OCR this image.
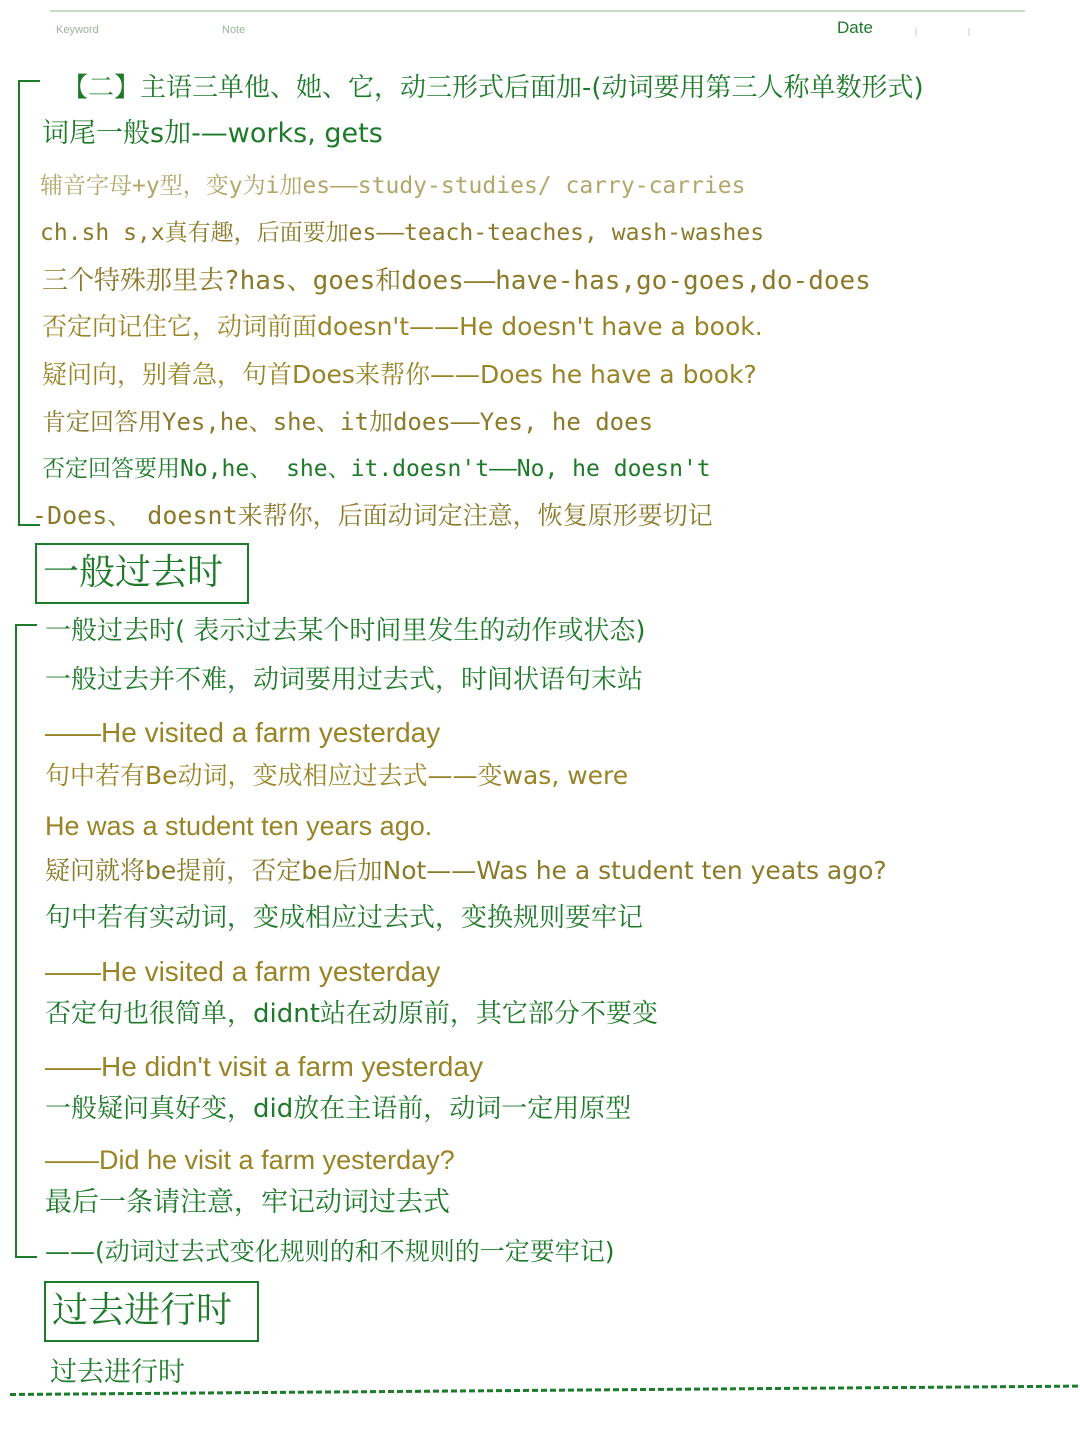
Keyword	Note	Date
【二】主语三单他、她、它，动三形式后面加-(动词要用第三人称单数形式)
词尾一般s加-—works, gets
辅音字母+y型，变y为i加es——study-studies/ carry-carries
ch.sh s,x真有趣，后面要加es——teach-teaches, wash-washes
三个特殊那里去?has、goes和does——have-has,go-goes,do-does
否定向记住它，动词前面doesn't——He doesn't have a book.
疑问向，别着急，句首Does来帮你——Does he have a book?
肯定回答用Yes,he、she、it加does——Yes, he does
否定回答要用No,he、 she、it.doesn't——No, he doesn't
-Does、 doesnt来帮你，后面动词定注意，恢复原形要切记
一般过去时
一般过去时( 表示过去某个时间里发生的动作或状态)
一般过去并不难，动词要用过去式，时间状语句末站
——He visited a farm yesterday
句中若有Be动词，变成相应过去式——变was, were
He was a student ten years ago.
疑问就将be提前，否定be后加Not——Was he a student ten yeats ago?
句中若有实动词，变成相应过去式，变换规则要牢记
——He visited a farm yesterday
否定句也很简单，didnt站在动原前，其它部分不要变
——He didn't visit a farm yesterday
一般疑问真好变，did放在主语前，动词一定用原型
——Did he visit a farm yesterday?
最后一条请注意，牢记动词过去式
——(动词过去式变化规则的和不规则的一定要牢记)
过去进行时
过去进行时
